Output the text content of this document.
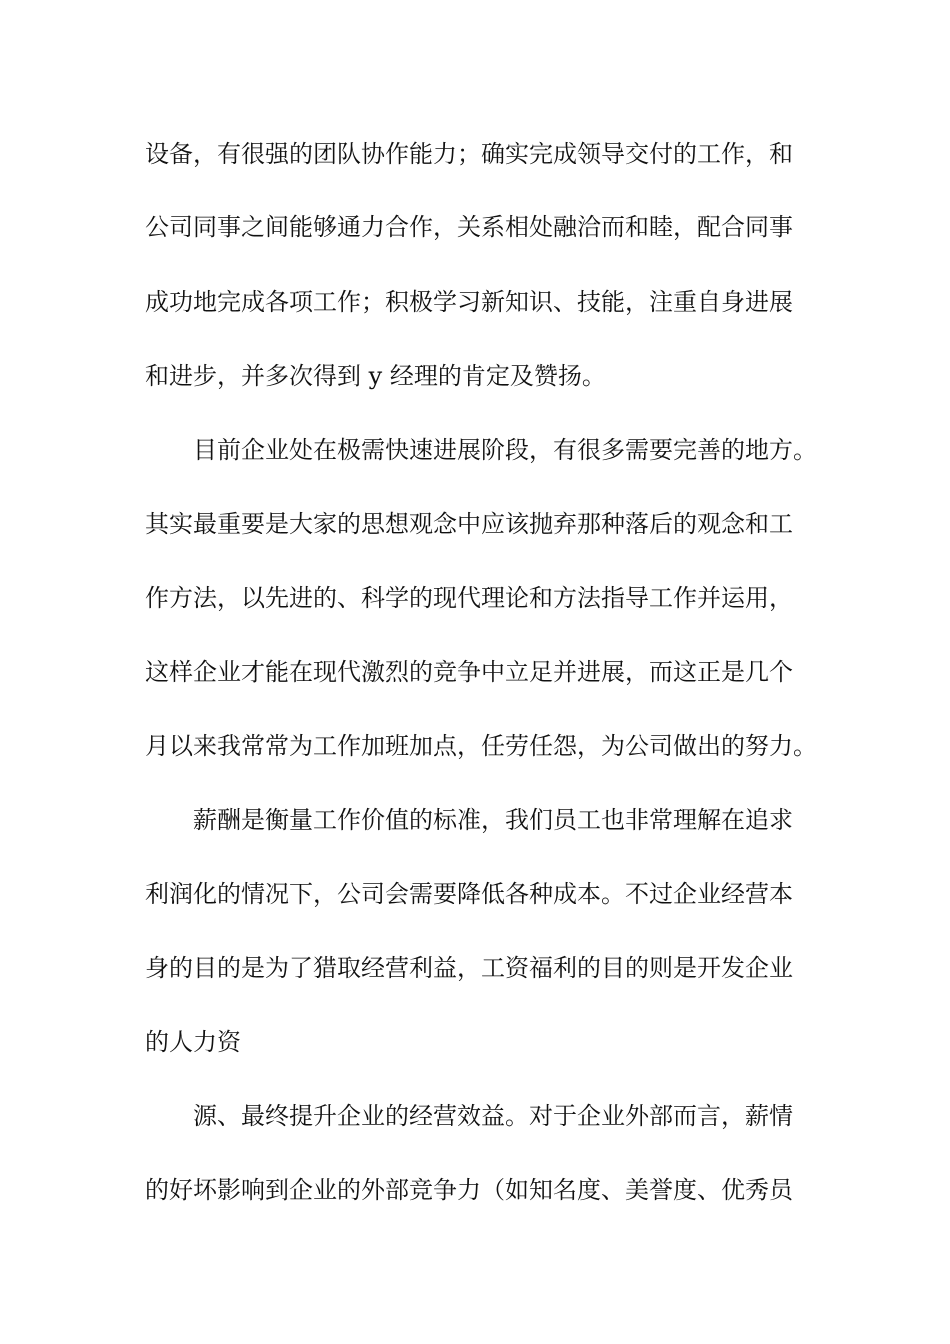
设备，有很强的团队协作能力；确实完成领导交付的工作，和
公司同事之间能够通力合作，关系相处融洽而和睦，配合同事
成功地完成各项工作；积极学习新知识、技能，注重自身进展
和进步，并多次得到 y 经理的肯定及赞扬。
目前企业处在极需快速进展阶段，有很多需要完善的地方。
其实最重要是大家的思想观念中应该抛弃那种落后的观念和工
作方法，以先进的、科学的现代理论和方法指导工作并运用，
这样企业才能在现代激烈的竞争中立足并进展，而这正是几个
月以来我常常为工作加班加点，任劳任怨，为公司做出的努力。
薪酬是衡量工作价值的标准，我们员工也非常理解在追求
利润化的情况下，公司会需要降低各种成本。不过企业经营本
身的目的是为了猎取经营利益，工资福利的目的则是开发企业
的人力资
源、最终提升企业的经营效益。对于企业外部而言，薪情
的好坏影响到企业的外部竞争力（如知名度、美誉度、优秀员
